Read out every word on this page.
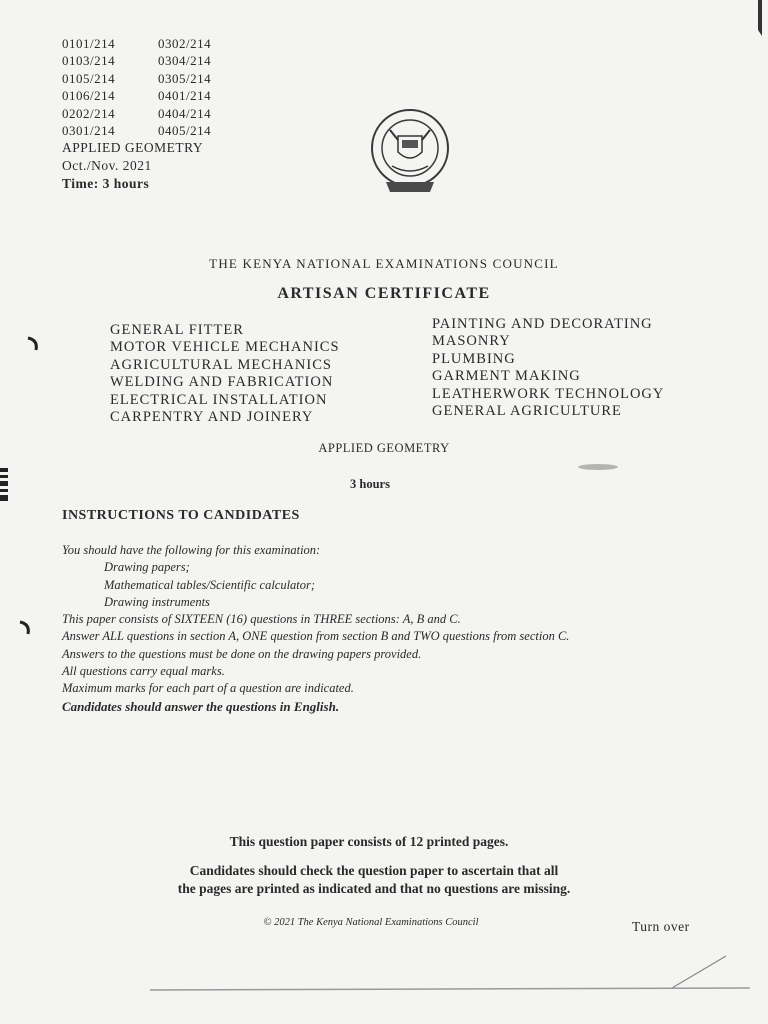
0101/214	0302/214
0103/214	0304/214
0105/214	0305/214
0106/214	0401/214
0202/214	0404/214
0301/214	0405/214
APPLIED GEOMETRY
Oct./Nov. 2021
Time: 3 hours
THE KENYA NATIONAL EXAMINATIONS COUNCIL
ARTISAN CERTIFICATE
GENERAL FITTER
MOTOR VEHICLE MECHANICS
AGRICULTURAL MECHANICS
WELDING AND FABRICATION
ELECTRICAL INSTALLATION
CARPENTRY AND JOINERY
PAINTING AND DECORATING
MASONRY
PLUMBING
GARMENT MAKING
LEATHERWORK TECHNOLOGY
GENERAL AGRICULTURE
APPLIED GEOMETRY
3 hours
INSTRUCTIONS TO CANDIDATES
You should have the following for this examination:
Drawing papers;
Mathematical tables/Scientific calculator;
Drawing instruments
This paper consists of SIXTEEN (16) questions in THREE sections: A, B and C.
Answer ALL questions in section A, ONE question from section B and TWO questions from section C.
Answers to the questions must be done on the drawing papers provided.
All questions carry equal marks.
Maximum marks for each part of a question are indicated.
Candidates should answer the questions in English.
This question paper consists of 12 printed pages.
Candidates should check the question paper to ascertain that all
the pages are printed as indicated and that no questions are missing.
© 2021 The Kenya National Examinations Council	Turn over
